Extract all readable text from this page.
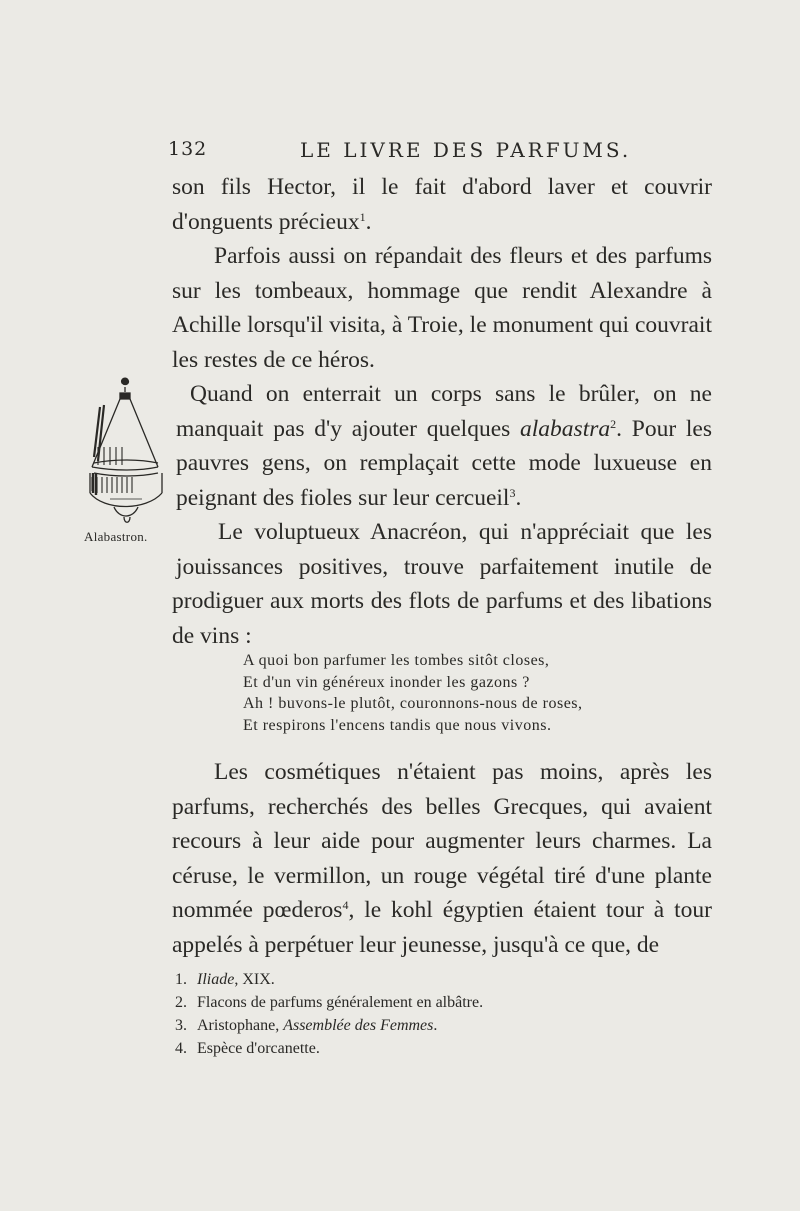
132	LE LIVRE DES PARFUMS.

son fils Hector, il le fait d'abord laver et couvrir d'onguents précieux$^1$.

Parfois aussi on répandait des fleurs et des parfums sur les tombeaux, hommage que rendit Alexandre à Achille lorsqu'il visita, à Troie, le monument qui couvrait les restes de ce héros.

Alabastron.
Quand on enterrait un corps sans le brûler, on ne manquait pas d'y ajouter quelques alabastra$^2$. Pour les pauvres gens, on remplaçait cette mode luxueuse en peignant des fioles sur leur cercueil$^3$.

Le voluptueux Anacréon, qui n'appréciait que les jouissances positives, trouve parfaitement inutile de prodiguer aux morts des flots de parfums et des libations de vins :

A quoi bon parfumer les tombes sitôt closes,
Et d'un vin généreux inonder les gazons ?
Ah ! buvons-le plutôt, couronnons-nous de roses,
Et respirons l'encens tandis que nous vivons.

Les cosmétiques n'étaient pas moins, après les parfums, recherchés des belles Grecques, qui avaient recours à leur aide pour augmenter leurs charmes. La céruse, le vermillon, un rouge végétal tiré d'une plante nommée pœderos$^4$, le kohl égyptien étaient tour à tour appelés à perpétuer leur jeunesse, jusqu'à ce que, de

1. Iliade, XIX.
2. Flacons de parfums généralement en albâtre.
3. Aristophane, Assemblée des Femmes.
4. Espèce d'orcanette.
